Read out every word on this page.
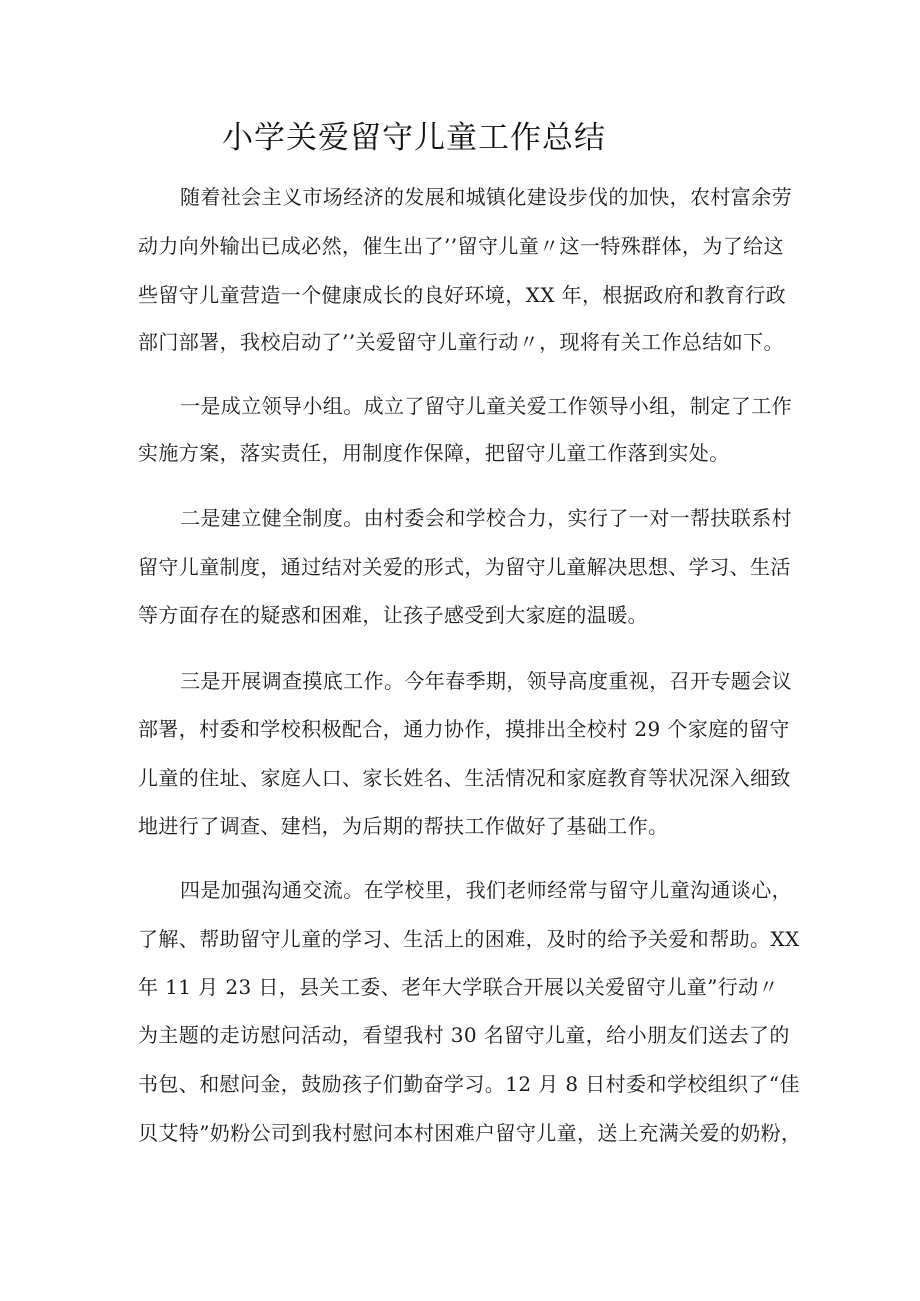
小学关爱留守儿童工作总结
随着社会主义市场经济的发展和城镇化建设步伐的加快，农村富余劳
动力向外输出已成必然，催生出了’’留守儿童〃这一特殊群体，为了给这
些留守儿童营造一个健康成长的良好环境，XX 年，根据政府和教育行政
部门部署，我校启动了’’关爱留守儿童行动〃，现将有关工作总结如下。
一是成立领导小组。成立了留守儿童关爱工作领导小组，制定了工作
实施方案，落实责任，用制度作保障，把留守儿童工作落到实处。
二是建立健全制度。由村委会和学校合力，实行了一对一帮扶联系村
留守儿童制度，通过结对关爱的形式，为留守儿童解决思想、学习、生活
等方面存在的疑惑和困难，让孩子感受到大家庭的温暖。
三是开展调查摸底工作。今年春季期，领导高度重视，召开专题会议
部署，村委和学校积极配合，通力协作，摸排出全校村 29 个家庭的留守
儿童的住址、家庭人口、家长姓名、生活情况和家庭教育等状况深入细致
地进行了调查、建档，为后期的帮扶工作做好了基础工作。
四是加强沟通交流。在学校里，我们老师经常与留守儿童沟通谈心，
了解、帮助留守儿童的学习、生活上的困难，及时的给予关爱和帮助。XX
年 11 月 23 日，县关工委、老年大学联合开展以关爱留守儿童”行动〃
为主题的走访慰问活动，看望我村 30 名留守儿童，给小朋友们送去了的
书包、和慰问金，鼓励孩子们勤奋学习。12 月 8 日村委和学校组织了“佳
贝艾特”奶粉公司到我村慰问本村困难户留守儿童，送上充满关爱的奶粉，
